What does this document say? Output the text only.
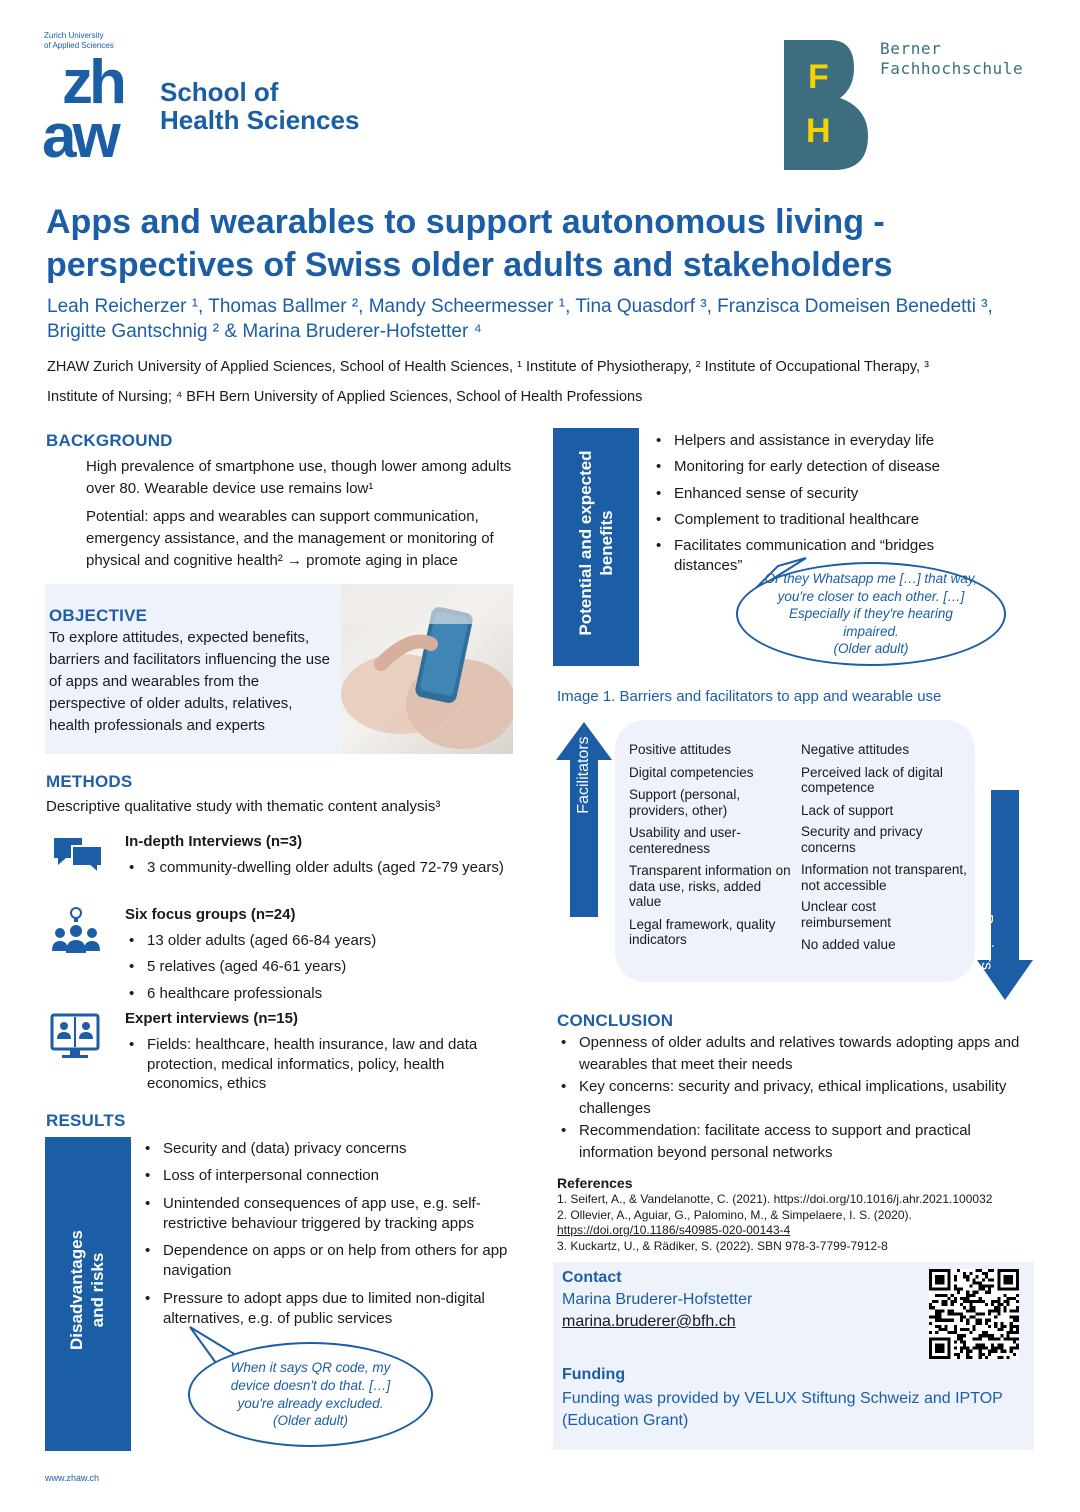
Zurich University
of Applied Sciences
zh
aw
School of
Health Sciences
F
H
Berner
Fachhochschule
Apps and wearables to support autonomous living -
perspectives of Swiss older adults and stakeholders
Leah Reicherzer ¹, Thomas Ballmer ², Mandy Scheermesser ¹, Tina Quasdorf ³, Franzisca Domeisen Benedetti ³,
Brigitte Gantschnig ² & Marina Bruderer-Hofstetter ⁴
ZHAW Zurich University of Applied Sciences, School of Health Sciences, ¹ Institute of Physiotherapy, ² Institute of Occupational Therapy, ³
Institute of Nursing; ⁴ BFH Bern University of Applied Sciences, School of Health Professions
BACKGROUND
High prevalence of smartphone use, though lower among adults over 80. Wearable device use remains low¹
Potential: apps and wearables can support communication, emergency assistance, and the management or monitoring of physical and cognitive health² → promote aging in place
OBJECTIVE
To explore attitudes, expected benefits, barriers and facilitators influencing the use of apps and wearables from the perspective of older adults, relatives, health professionals and experts
METHODS
Descriptive qualitative study with thematic content analysis³
In-depth Interviews (n=3)
• 3 community-dwelling older adults (aged 72-79 years)
Six focus groups (n=24)
• 13 older adults (aged 66-84 years)
• 5 relatives (aged 46-61 years)
• 6 healthcare professionals
Expert interviews (n=15)
• Fields: healthcare, health insurance, law and data protection, medical informatics, policy, health economics, ethics
RESULTS
Disadvantages and risks
• Security and (data) privacy concerns
• Loss of interpersonal connection
• Unintended consequences of app use, e.g. self-restrictive behaviour triggered by tracking apps
• Dependence on apps or on help from others for app navigation
• Pressure to adopt apps due to limited non-digital alternatives, e.g. of public services
When it says QR code, my device doesn't do that. […] you're already excluded.
(Older adult)
Potential and expected benefits
• Helpers and assistance in everyday life
• Monitoring for early detection of disease
• Enhanced sense of security
• Complement to traditional healthcare
• Facilitates communication and “bridges distances”
Or they Whatsapp me […] that way, you're closer to each other. […] Especially if they're hearing impaired.
(Older adult)
Image 1. Barriers and facilitators to app and wearable use
Facilitators
Barriers
Positive attitudes
Digital competencies
Support (personal, providers, other)
Usability and user-centeredness
Transparent information on data use, risks, added value
Legal framework, quality indicators
Negative attitudes
Perceived lack of digital competence
Lack of support
Security and privacy concerns
Information not transparent, not accessible
Unclear cost reimbursement
No added value
CONCLUSION
• Openness of older adults and relatives towards adopting apps and wearables that meet their needs
• Key concerns: security and privacy, ethical implications, usability challenges
• Recommendation: facilitate access to support and practical information beyond personal networks
References
1. Seifert, A., & Vandelanotte, C. (2021). https://doi.org/10.1016/j.ahr.2021.100032
2. Ollevier, A., Aguiar, G., Palomino, M., & Simpelaere, I. S. (2020).
https://doi.org/10.1186/s40985-020-00143-4
3. Kuckartz, U., & Rädiker, S. (2022). SBN 978-3-7799-7912-8
Contact
Marina Bruderer-Hofstetter
marina.bruderer@bfh.ch
Funding
Funding was provided by VELUX Stiftung Schweiz and IPTOP (Education Grant)
www.zhaw.ch
